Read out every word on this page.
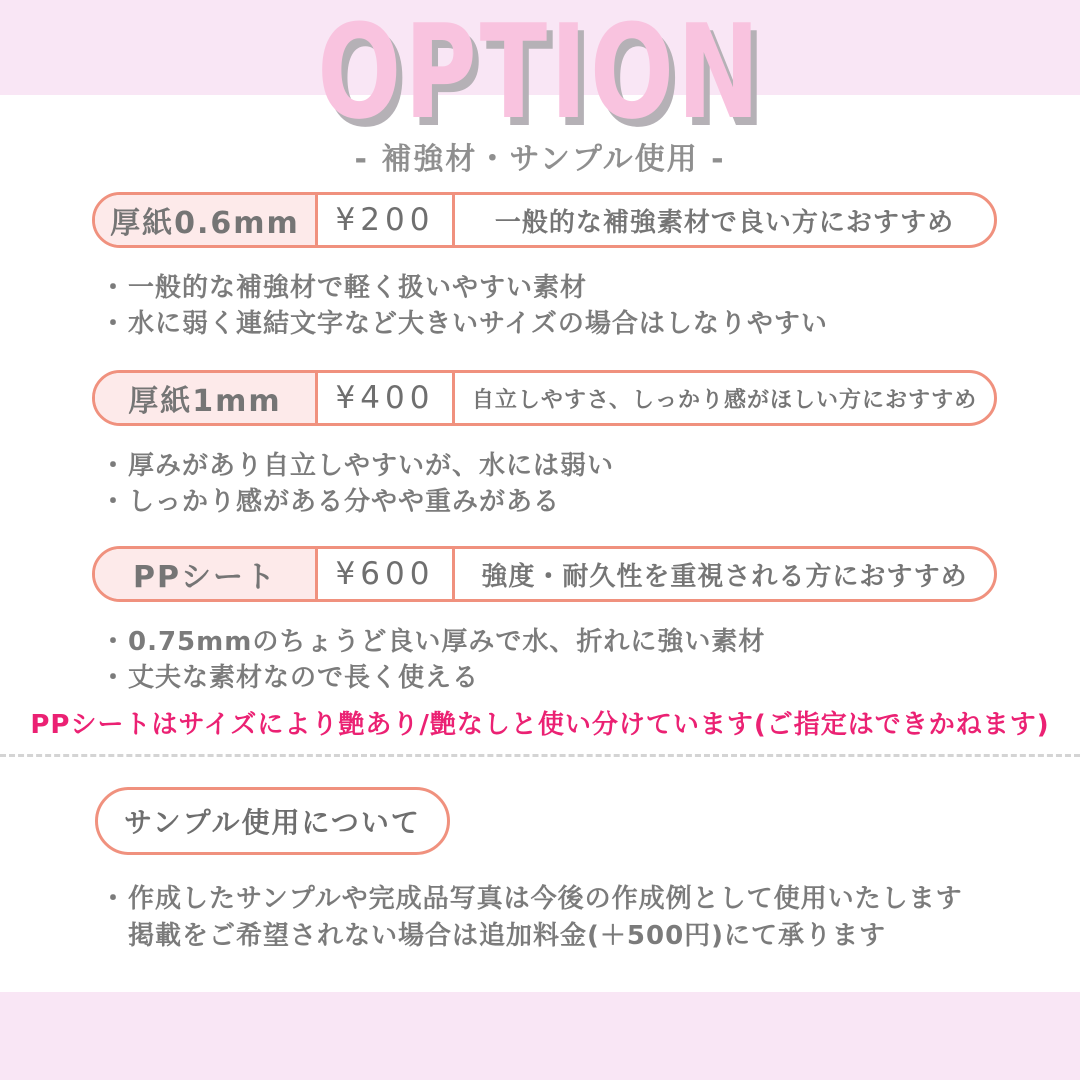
OPTION
- 補強材・サンプル使用 -
厚紙0.6mm	¥200	一般的な補強素材で良い方におすすめ
・ 一般的な補強材で軽く扱いやすい素材
・ 水に弱く連結文字など大きいサイズの場合はしなりやすい
厚紙1mm	¥400	自立しやすさ、しっかり感がほしい方におすすめ
・ 厚みがあり自立しやすいが、水には弱い
・ しっかり感がある分やや重みがある
PPシート	¥600	強度・耐久性を重視される方におすすめ
・ 0.75mmのちょうど良い厚みで水、折れに強い素材
・ 丈夫な素材なので長く使える
PPシートはサイズにより艶あり/艶なしと使い分けています(ご指定はできかねます)
サンプル使用について
・ 作成したサンプルや完成品写真は今後の作成例として使用いたします
掲載をご希望されない場合は追加料金(＋500円)にて承ります
